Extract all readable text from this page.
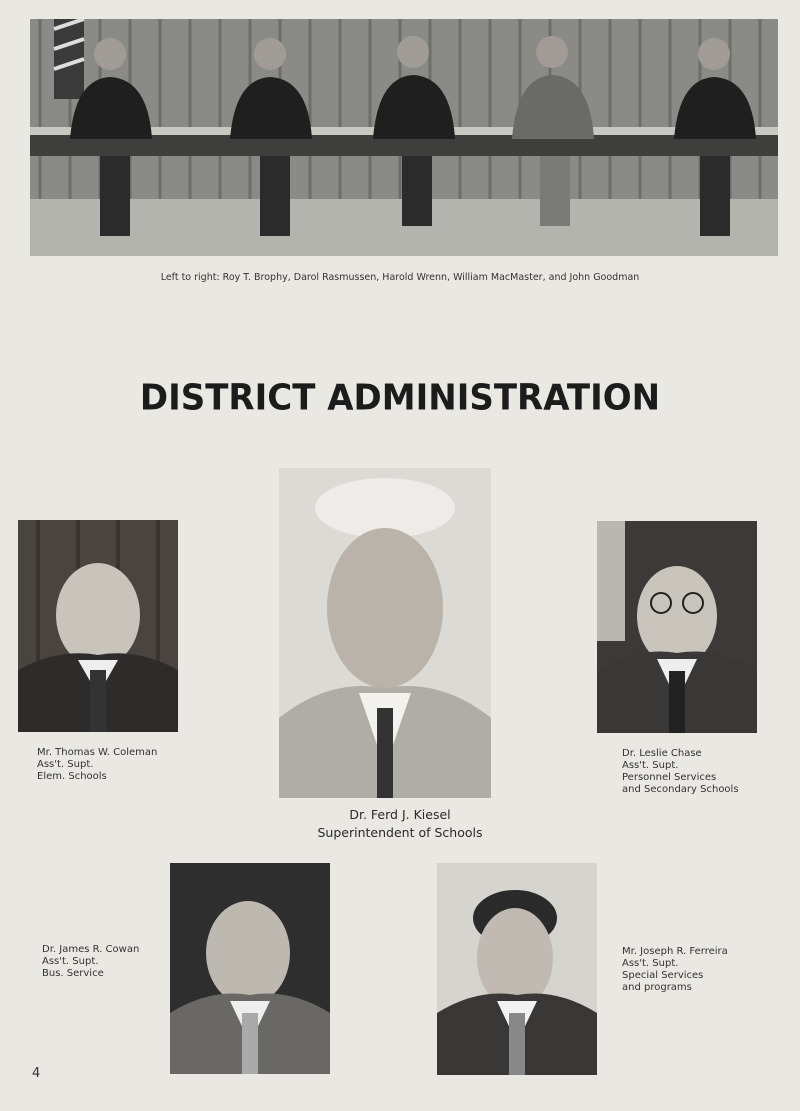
Left to right: Roy T. Brophy, Darol Rasmussen, Harold Wrenn, William MacMaster, and John Goodman
DISTRICT ADMINISTRATION
Mr. Thomas W. Coleman
Ass't. Supt.
Elem. Schools
Dr. Ferd J. Kiesel
Superintendent of Schools
Dr. Leslie Chase
Ass't. Supt.
Personnel Services
and Secondary Schools
Dr. James R. Cowan
Ass't. Supt.
Bus. Service
Mr. Joseph R. Ferreira
Ass't. Supt.
Special Services
and programs
4
